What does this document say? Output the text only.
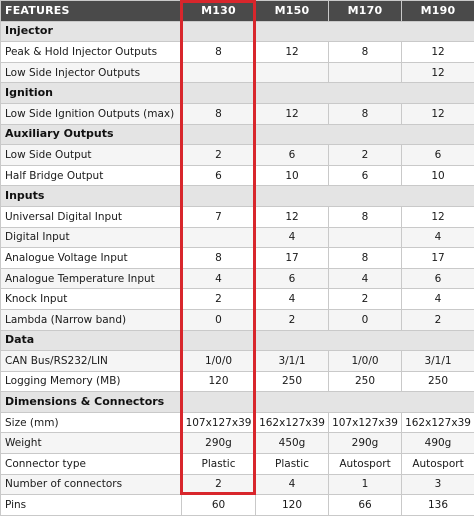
FEATURES	M130	M150	M170	M190
Injector				
Peak & Hold Injector Outputs	8	12	8	12
Low Side Injector Outputs				12
Ignition				
Low Side Ignition Outputs (max)	8	12	8	12
Auxiliary Outputs				
Low Side Output	2	6	2	6
Half Bridge Output	6	10	6	10
Inputs				
Universal Digital Input	7	12	8	12
Digital Input		4		4
Analogue Voltage Input	8	17	8	17
Analogue Temperature Input	4	6	4	6
Knock Input	2	4	2	4
Lambda (Narrow band)	0	2	0	2
Data				
CAN Bus/RS232/LIN	1/0/0	3/1/1	1/0/0	3/1/1
Logging Memory (MB)	120	250	250	250
Dimensions & Connectors				
Size (mm)	107x127x39	162x127x39	107x127x39	162x127x39
Weight	290g	450g	290g	490g
Connector type	Plastic	Plastic	Autosport	Autosport
Number of connectors	2	4	1	3
Pins	60	120	66	136
